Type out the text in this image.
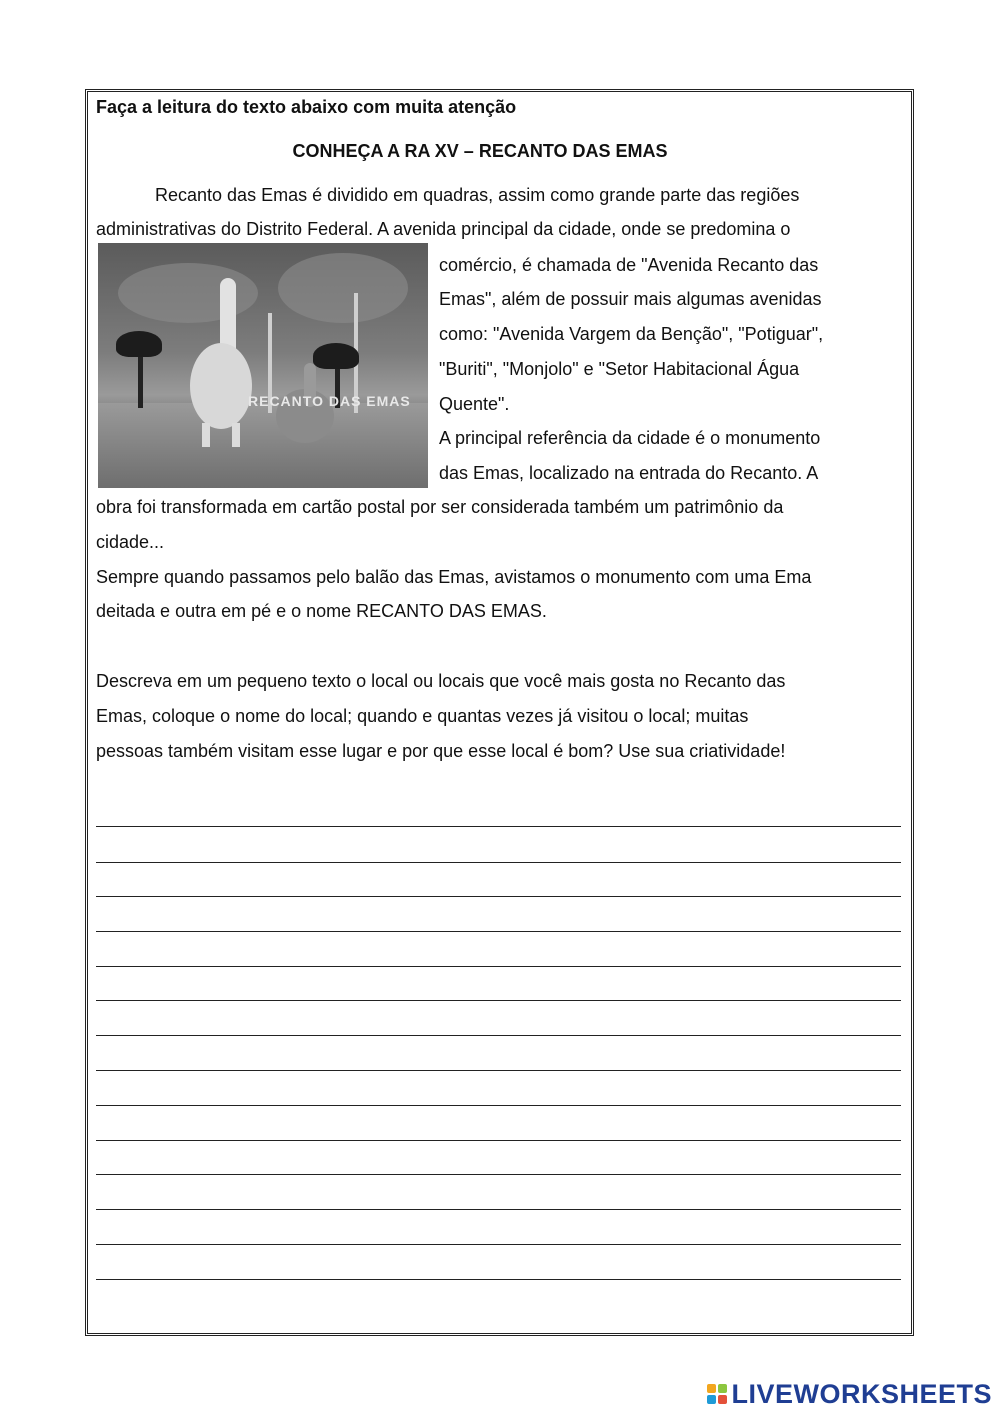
Faça a leitura do texto abaixo com muita atenção
CONHEÇA A RA XV – RECANTO DAS EMAS
Recanto das Emas é dividido em quadras, assim como grande parte das regiões
administrativas do Distrito Federal. A avenida principal da cidade, onde se predomina o
comércio, é chamada de "Avenida Recanto das
Emas", além de possuir mais algumas avenidas
como: "Avenida Vargem da Benção", "Potiguar",
"Buriti", "Monjolo" e "Setor Habitacional Água
Quente".
A principal referência da cidade é o monumento
das Emas, localizado na entrada do Recanto. A
obra foi transformada em cartão postal por ser considerada também um patrimônio da
cidade...
Sempre quando passamos pelo balão das Emas, avistamos o monumento com uma Ema
deitada e outra em pé e o nome RECANTO DAS EMAS.
Descreva em um pequeno texto o local ou locais que você mais gosta no Recanto das
Emas, coloque o nome do local; quando e quantas vezes já visitou o local; muitas
pessoas também visitam esse lugar e por que esse local é bom? Use sua criatividade!
RECANTO DAS EMAS
LIVEWORKSHEETS
